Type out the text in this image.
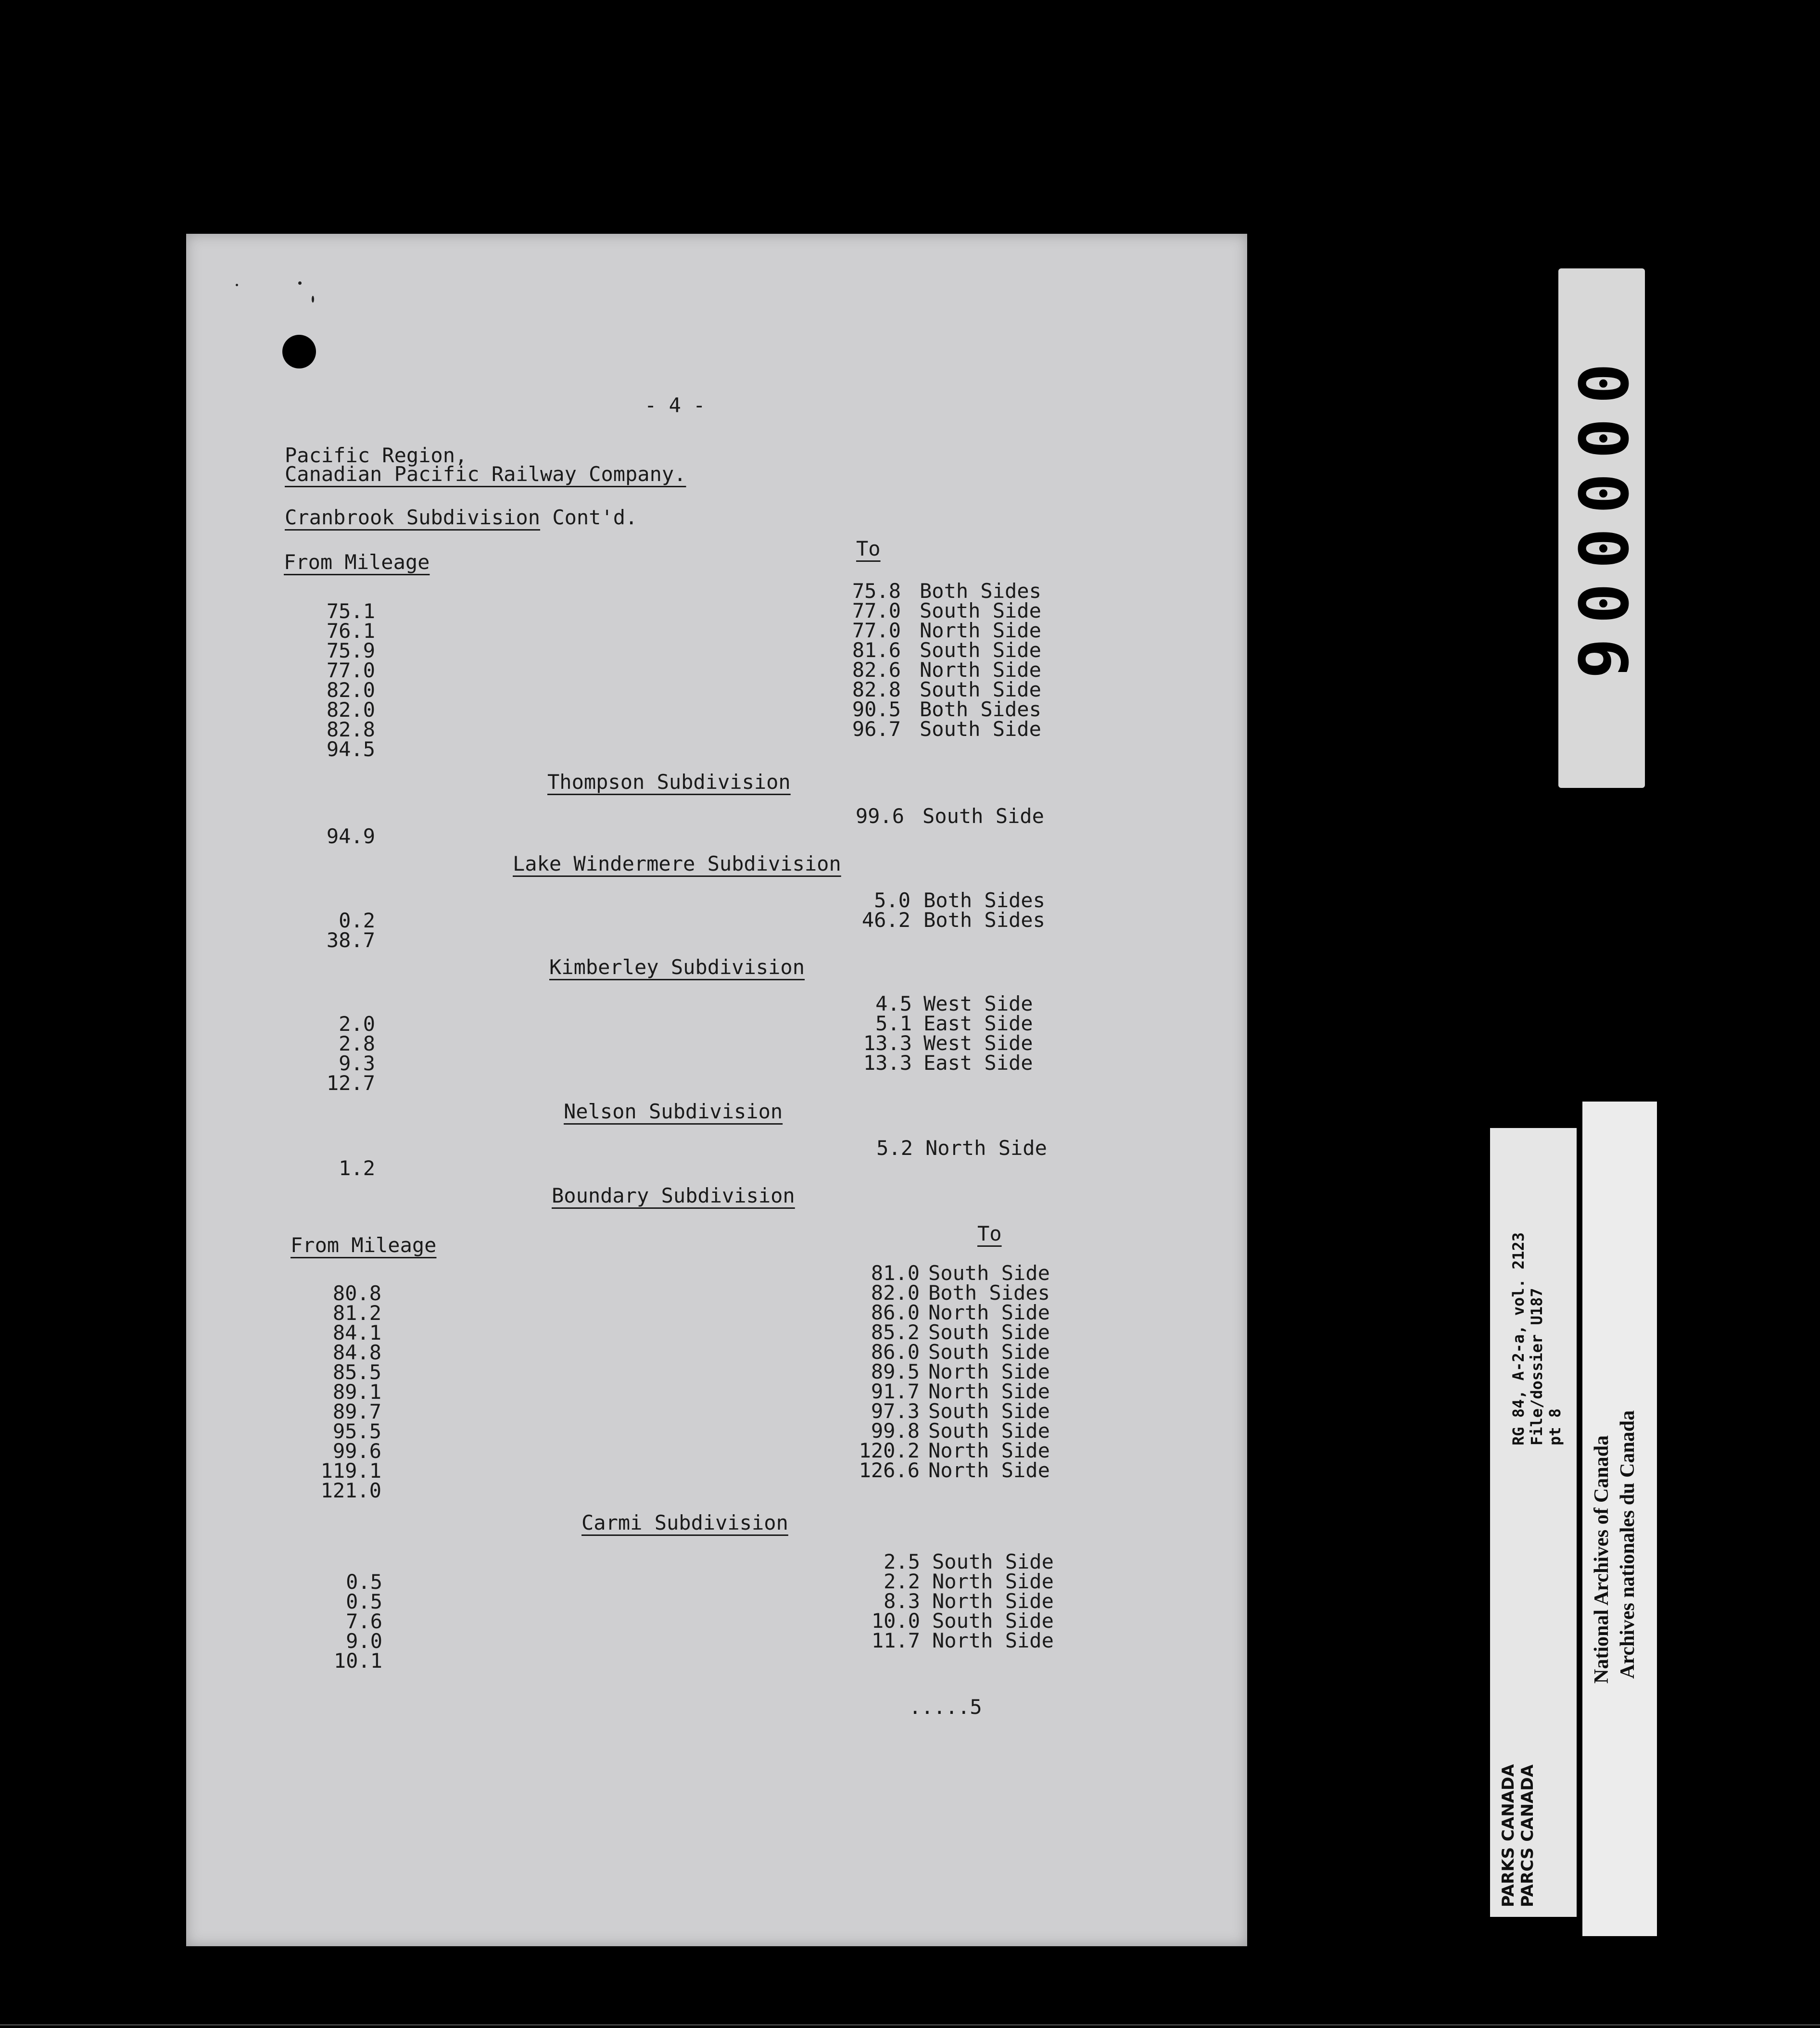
- 4 -
Pacific Region,
Canadian Pacific Railway Company.
Cranbrook Subdivision Cont'd.
From Mileage
To
75.1
75.8 Both Sides
76.1
77.0 South Side
75.9
77.0 North Side
77.0
81.6 South Side
82.0
82.6 North Side
82.0
82.8 South Side
82.8
90.5 Both Sides
94.5
96.7 South Side
Thompson Subdivision
94.9
99.6 South Side
Lake Windermere Subdivision
0.2
5.0 Both Sides
38.7
46.2 Both Sides
Kimberley Subdivision
2.0
4.5 West Side
2.8
5.1 East Side
9.3
13.3 West Side
12.7
13.3 East Side
Nelson Subdivision
1.2
5.2 North Side
Boundary Subdivision
From Mileage	To
80.8
81.0 South Side
81.2
82.0 Both Sides
84.1
86.0 North Side
84.8
85.2 South Side
85.5
86.0 South Side
89.1
89.5 North Side
89.7
91.7 North Side
95.5
97.3 South Side
99.6
99.8 South Side
119.1
120.2 North Side
121.0
126.6 North Side
Carmi Subdivision
0.5
2.5 South Side
0.5
2.2 North Side
7.6
8.3 North Side
9.0
10.0 South Side
10.1
11.7 North Side
.....5
000006
PARKS CANADA PARCS CANADA
RG 84, A-2-a, vol. 2123 File/dossier U187 pt 8
National Archives of Canada Archives nationales du Canada
